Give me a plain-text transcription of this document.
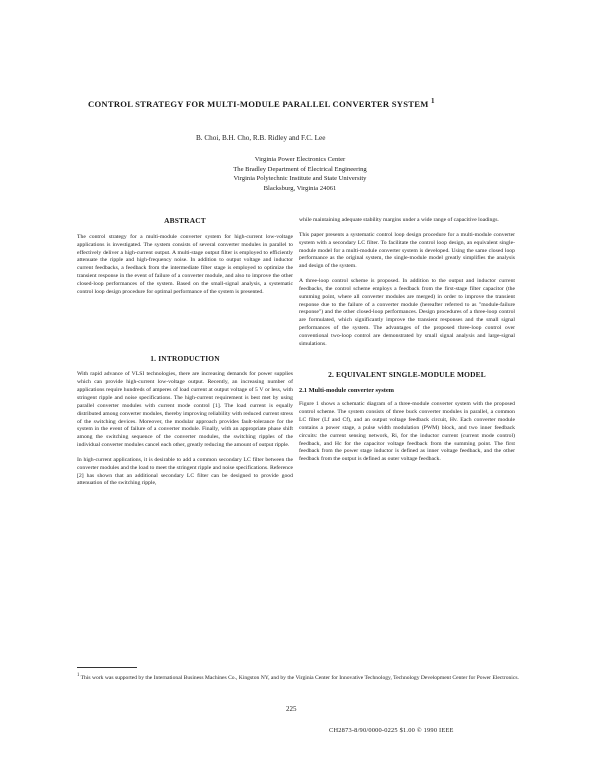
CONTROL STRATEGY FOR MULTI-MODULE PARALLEL CONVERTER SYSTEM $^1$
B. Choi, B.H. Cho, R.B. Ridley and F.C. Lee
Virginia Power Electronics Center
The Bradley Department of Electrical Engineering
Virginia Polytechnic Institute and State University
Blacksburg, Virginia 24061
ABSTRACT

The control strategy for a multi-module converter system for high-current low-voltage applications is investigated. The system consists of several converter modules in parallel to effectively deliver a high-current output. A multi-stage output filter is employed to efficiently attenuate the ripple and high-frequency noise. In addition to output voltage and inductor current feedbacks, a feedback from the intermediate filter stage is employed to optimize the transient response in the event of failure of a converter module, and also to improve the other closed-loop performances of the system. Based on the small-signal analysis, a systematic control loop design procedure for optimal performance of the system is presented.

1. INTRODUCTION

With rapid advance of VLSI technologies, there are increasing demands for power supplies which can provide high-current low-voltage output. Recently, an increasing number of applications require hundreds of amperes of load current at output voltage of 5 V or less, with stringent ripple and noise specifications. The high-current requirement is best met by using parallel converter modules with current mode control [1]. The load current is equally distributed among converter modules, thereby improving reliability with reduced current stress of the switching devices. Moreover, the modular approach provides fault-tolerance for the system in the event of failure of a converter module. Finally, with an appropriate phase shift among the switching sequence of the converter modules, the switching ripples of the individual converter modules cancel each other, greatly reducing the amount of output ripple.

In high-current applications, it is desirable to add a common secondary LC filter between the converter modules and the load to meet the stringent ripple and noise specifications. Reference [2] has shown that an additional secondary LC filter can be designed to provide good attenuation of the switching ripple,

while maintaining adequate stability margins under a wide range of capacitive loadings.

This paper presents a systematic control loop design procedure for a multi-module converter system with a secondary LC filter. To facilitate the control loop design, an equivalent single-module model for a multi-module converter system is developed. Using the same closed loop performance as the original system, the single-module model greatly simplifies the analysis and design of the system.

A three-loop control scheme is proposed. In addition to the output and inductor current feedbacks, the control scheme employs a feedback from the first-stage filter capacitor (the summing point, where all converter modules are merged) in order to improve the transient response due to the failure of a converter module (hereafter referred to as "module-failure response") and the other closed-loop performances. Design procedures of a three-loop control are formulated, which significantly improve the transient responses and the small signal performances of the system. The advantages of the proposed three-loop control over conventional two-loop control are demonstrated by small signal analysis and large-signal simulations.

2. EQUIVALENT SINGLE-MODULE MODEL
2.1 Multi-module converter system

Figure 1 shows a schematic diagram of a three-module converter system with the proposed control scheme. The system consists of three buck converter modules in parallel, a common LC filter (Lf and Cf), and an output voltage feedback circuit, Hv. Each converter module contains a power stage, a pulse width modulation (PWM) block, and two inner feedback circuits: the current sensing network, Ri, for the inductor current (current mode control) feedback, and Hc for the capacitor voltage feedback from the summing point. The first feedback from the power stage inductor is defined as inner voltage feedback, and the other feedback from the output is defined as outer voltage feedback.

$^1$ This work was supported by the International Business Machines Co., Kingston NY, and by the Virginia Center for Innovative Technology, Technology Development Center for Power Electronics.
225
CH2873-8/90/0000-0225 $1.00 © 1990 IEEE
